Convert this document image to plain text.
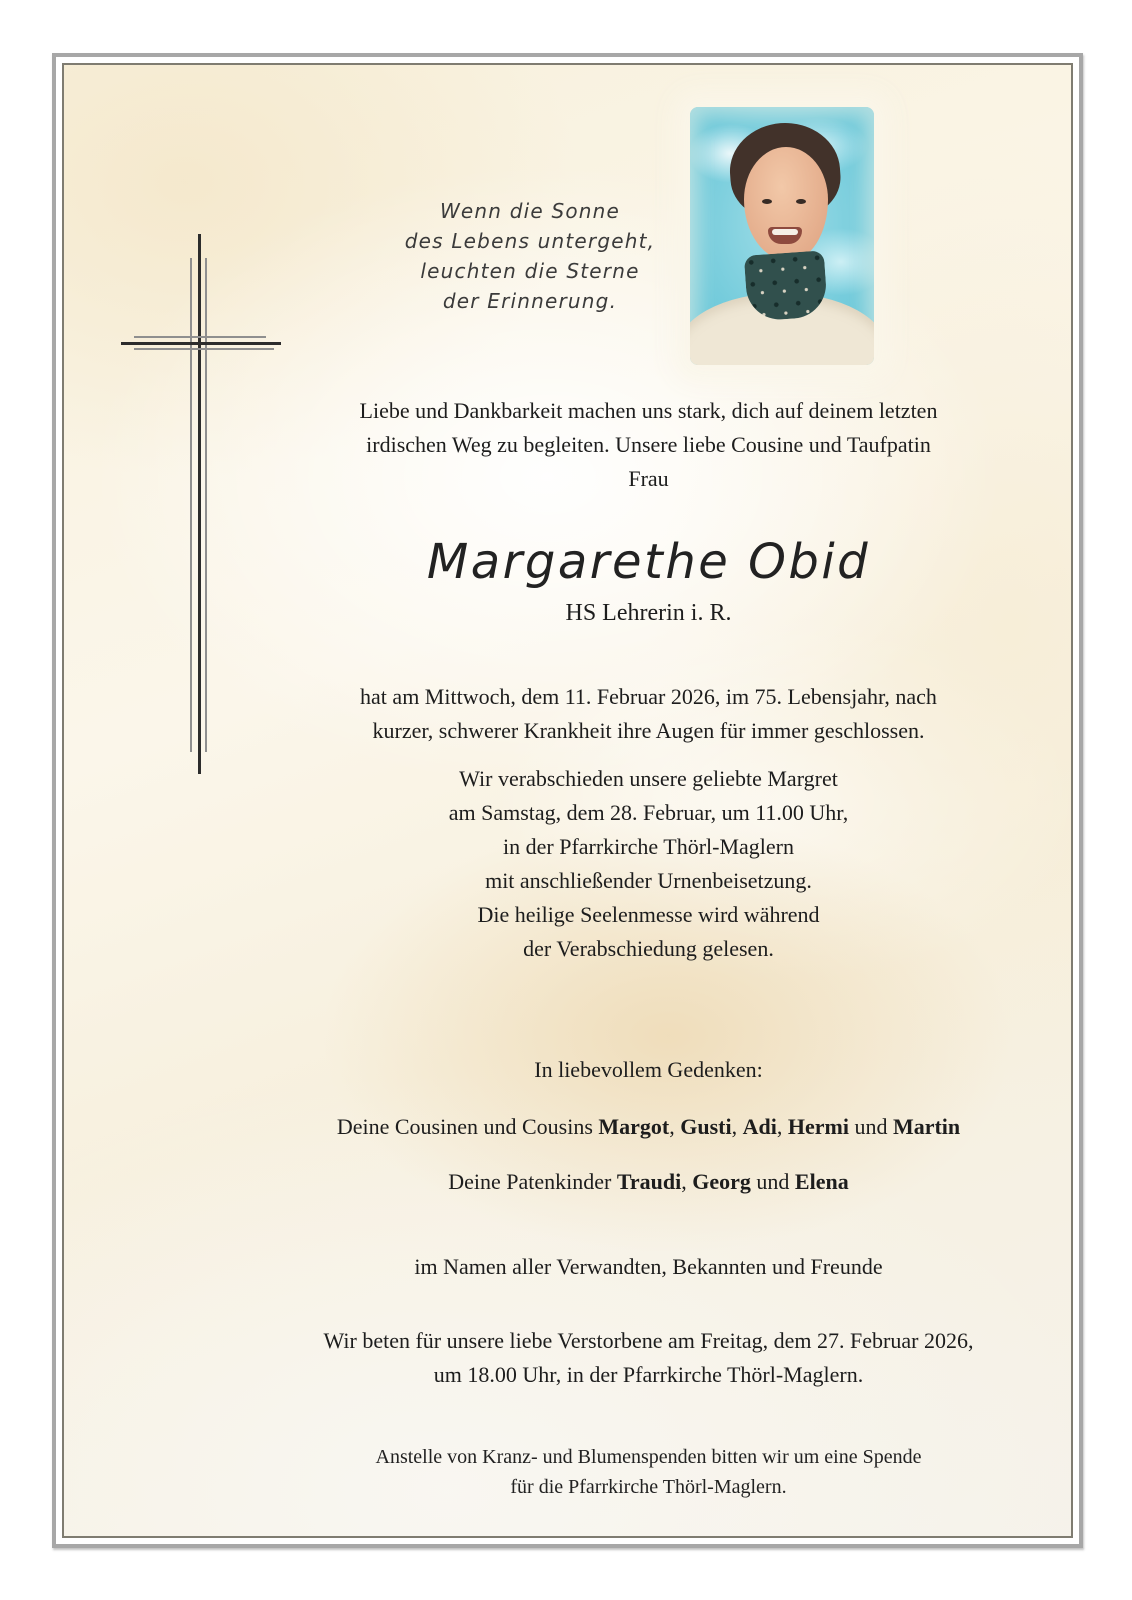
Wenn die Sonne
des Lebens untergeht,
leuchten die Sterne
der Erinnerung.
Liebe und Dankbarkeit machen uns stark, dich auf deinem letzten
irdischen Weg zu begleiten. Unsere liebe Cousine und Taufpatin
Frau
Margarethe Obid
HS Lehrerin i. R.
hat am Mittwoch, dem 11. Februar 2026, im 75. Lebensjahr, nach
kurzer, schwerer Krankheit ihre Augen für immer geschlossen.
Wir verabschieden unsere geliebte Margret
am Samstag, dem 28. Februar, um 11.00 Uhr,
in der Pfarrkirche Thörl-Maglern
mit anschließender Urnenbeisetzung.
Die heilige Seelenmesse wird während
der Verabschiedung gelesen.
In liebevollem Gedenken:
Deine Cousinen und Cousins Margot, Gusti, Adi, Hermi und Martin
Deine Patenkinder Traudi, Georg und Elena
im Namen aller Verwandten, Bekannten und Freunde
Wir beten für unsere liebe Verstorbene am Freitag, dem 27. Februar 2026,
um 18.00 Uhr, in der Pfarrkirche Thörl-Maglern.
Anstelle von Kranz- und Blumenspenden bitten wir um eine Spende
für die Pfarrkirche Thörl-Maglern.
